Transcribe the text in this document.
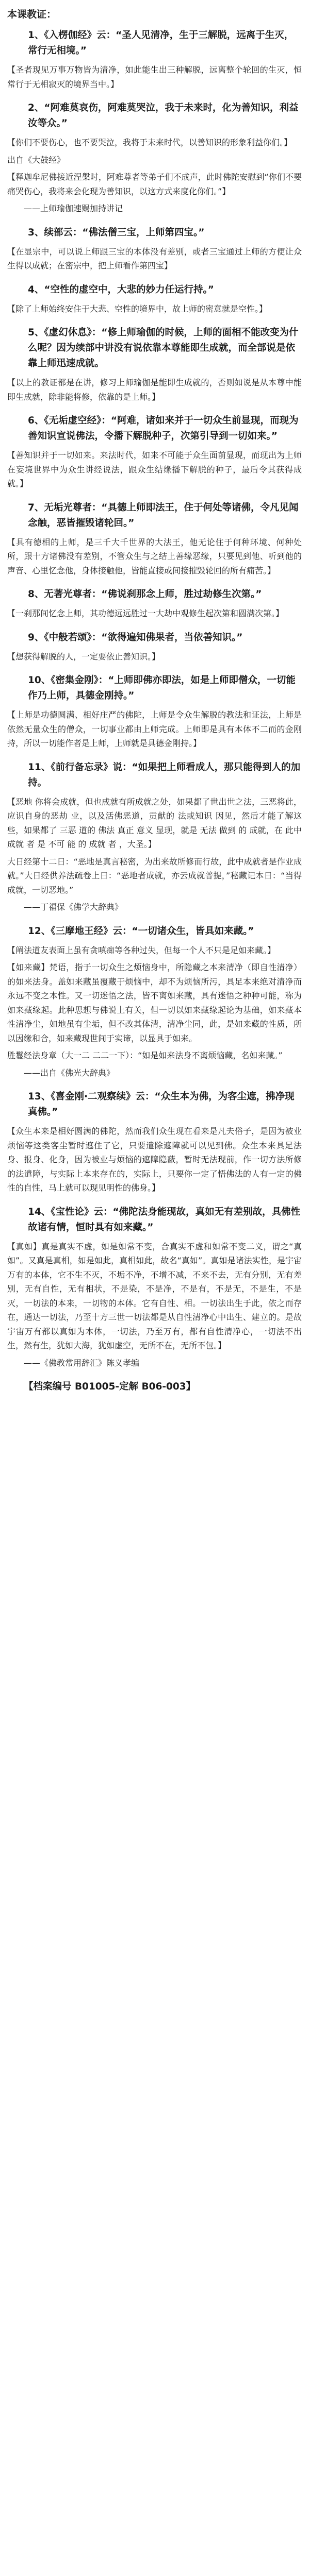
本课教证：
1、《入楞伽经》云：“圣人见清净，生于三解脱，远离于生灭，常行无相境。”
【圣者现见万事万物皆为清净，如此能生出三种解脱，远离整个轮回的生灭，恒常行于无相寂灭的境界当中。】
2、“阿难莫哀伤，阿难莫哭泣，我于未来时，化为善知识，利益汝等众。”
【你们不要伤心，也不要哭泣，我将于未来时代，以善知识的形象利益你们。】
出自《大鼓经》
【释迦牟尼佛接近涅槃时，阿难尊者等弟子们不成声，此时佛陀安慰到“你们不要痛哭伤心，我将来会化现为善知识，以这方式来度化你们。”】
——上师瑜伽速赐加持讲记
3、续部云：“佛法僧三宝，上师第四宝。”
【在显宗中，可以说上师跟三宝的本体没有差别，或者三宝通过上师的方便让众生得以成就；在密宗中，把上师看作第四宝】
4、“空性的虚空中，大悲的妙力任运行持。”
【除了上师始终安住于大悲、空性的境界中，故上师的密意就是空性。】
5、《虚幻休息》：“修上师瑜伽的时候，上师的面相不能改变为什么呢？因为续部中讲没有说依靠本尊能即生成就，而全部说是依靠上师迅速成就。
【以上的教证都是在讲，修习上师瑜伽是能即生成就的，否则如说是从本尊中能即生成就，除非能将修，依靠的是上师。】
6、《无垢虚空经》：“阿难，诸如来并于一切众生前显现，而现为善知识宣说佛法，令播下解脱种子，次第引导到一切如来。”
【善知识并于一切如来。来法时代，如来不可能于众生面前显现，而现出为上师在妄境世界中为众生讲经说法，跟众生结缘播下解脱的种子，最后令其获得成就。】
7、无垢光尊者：“具德上师即法王，住于何处等诸佛，令凡见闻念触，恶皆摧毁诸轮回。”
【具有德相的上师，是三千大千世界的大法王，他无论住于何种环境、何种处所，跟十方诸佛没有差别，不管众生与之结上善缘恶缘，只要见到他、听到他的声音、心里忆念他，身体接触他，皆能直接或间接摧毁轮回的所有痛苦。】
8、无著光尊者：“佛说刹那念上师，胜过劫修生次第。”
【一刹那间忆念上师，其功德远远胜过一大劫中观修生起次第和圆满次第。】
9、《中般若颂》：“欲得遍知佛果者，当依善知识。”
【想获得解脱的人，一定要依止善知识。】
10、《密集金刚》：“上师即佛亦即法，如是上师即僧众，一切能作乃上师，具德金刚持。”
【上师是功德圆满、相好庄严的佛陀，上师是令众生解脱的教法和证法，上师是依然无量众生的僧众，一切事业都由上师完成。上师即是具有本体不二而的金刚持，所以一切能作者是上师，上师就是具德金刚持。】
11、《前行备忘录》说：“如果把上师看成人，那只能得到人的加持。
【恶地 你将会成就，但也成就有所成就之处，如果都了世出世之法，三恶将此，应识自身的恶劫 业，以及活佛恶道，贡献的 法或知识 因见，然后才能了解这些，如果都了 三恶 道的 佛法 真正 意义 显现，就是 无法 做到 的 成就，在 此中 成就 者 是 不可 能 的 成就 者 ，大圣。】
大日经第十二日：“恶地是真言秘密，为出来故所修而行故，此中成就者是作业成就。”大日经供养法疏卷上日：“恶地者成就，亦云成就普提，”秘藏记本日：“当得成就，一切恶地。”
——丁福保《佛学大辞典》
12、《三摩地王经》云：“一切诸众生，皆具如来藏。”
【阐法道友表面上虽有贪嗔痴等各种过失，但每一个人不只是足如来藏。】
【如来藏】梵语，指于一切众生之烦恼身中，所隐藏之本来清净（即自性清净）的如来法身。盖如来藏虽覆藏于烦恼中，却不为烦恼所污，具足本来绝对清净而永远不变之本性。又一切迷悟之法，皆不离如来藏，具有迷悟之种种可能，称为如来藏缘起。此种思想与佛说上有关，但一切以如来藏缘起论为基础，如来藏本性清净尘，如地虽有尘垢，但不改其体清，清净尘同，此，是如来藏的性质，所以因缘和合，如来藏现世间于实谛，以显具于如来。
胜鬘经法身章（大一二 二二一下）：“如是如来法身不离烦恼藏，名如来藏。”
——出自《佛光大辞典》
13、《喜金刚·二观察续》云：“众生本为佛，为客尘遮，拂净现真佛。”
【众生本来是相好圆满的佛陀，然而我们众生现在看来是凡夫俗子，是因为被业烦恼等这类客尘暂时遮住了它，只要遣除遮障就可以见到佛。众生本来具足法身、报身、化身，因为被业与烦恼的遮障隐蔽，暂时无法现前，作一切方法所修的法遣障，与实际上本来存在的，实际上，只要你一定了悟佛法的人有一定的佛性的自性，马上就可以现见明性的佛身。】
14、《宝性论》云：“佛陀法身能现故，真如无有差别故，具佛性故诸有情，恒时具有如来藏。”
【真如】真是真实不虚，如是如常不变，合真实不虚和如常不变二义，谓之“真如”。又真是真相，如是如此，真相如此，故名“真如”。真如是诸法实性，是宇宙万有的本体，它不生不灭，不垢不净，不增不减，不来不去，无有分别，无有差别，无有自性，无有相状，不是染，不是净，不是有，不是无，不是生，不是灭，一切法的本来，一切物的本体。它有自性、相。一切法出生于此，依之而存在，通达一切法，乃至十方三世一切法都是从自性清净心中出生、建立的。是故宇宙万有都以真如为本体，一切法，乃至万有，都有自性清净心，一切法不出生，然有生，犹如大海，犹如虚空，无所不在，无所不包。】
——《佛教常用辞汇》陈义孝编
【档案编号 B01005-定解 B06-003】
